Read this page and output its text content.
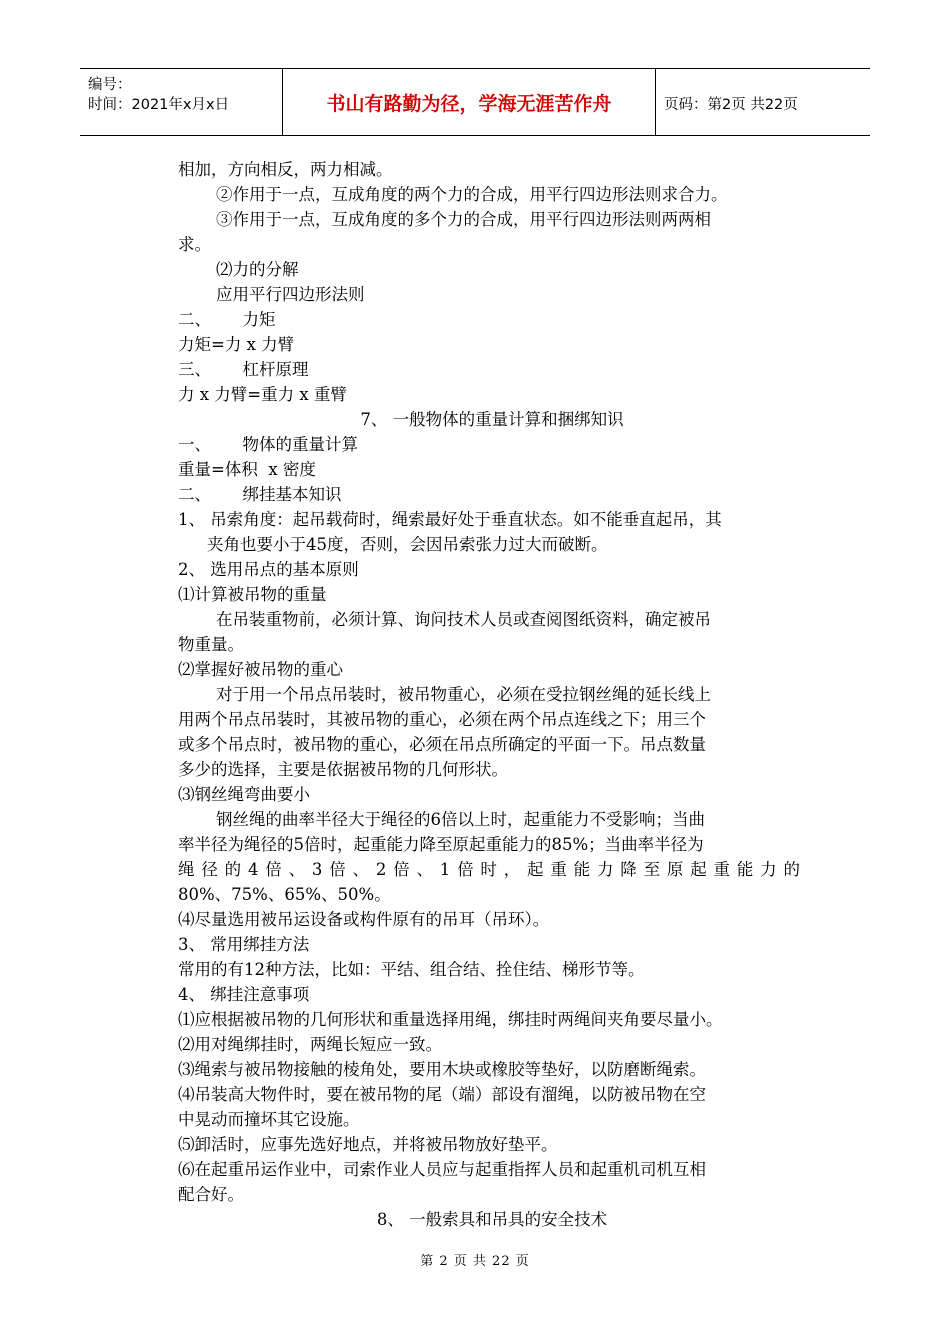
编号：
时间：2021年x月x日	书山有路勤为径，学海无涯苦作舟	页码：第2页 共22页
相加，方向相反，两力相减。
②作用于一点，互成角度的两个力的合成，用平行四边形法则求合力。
③作用于一点，互成角度的多个力的合成，用平行四边形法则两两相
求。
⑵力的分解
应用平行四边形法则
二、      力矩
力矩=力 x 力臂
三、      杠杆原理
力 x 力臂=重力 x 重臂
7、 一般物体的重量计算和捆绑知识
一、      物体的重量计算
重量=体积  x 密度
二、      绑挂基本知识
1、 吊索角度：起吊载荷时，绳索最好处于垂直状态。如不能垂直起吊，其
夹角也要小于45度，否则，会因吊索张力过大而破断。
2、 选用吊点的基本原则
⑴计算被吊物的重量
在吊装重物前，必须计算、询问技术人员或查阅图纸资料，确定被吊
物重量。
⑵掌握好被吊物的重心
对于用一个吊点吊装时，被吊物重心，必须在受拉钢丝绳的延长线上
用两个吊点吊装时，其被吊物的重心，必须在两个吊点连线之下；用三个
或多个吊点时，被吊物的重心，必须在吊点所确定的平面一下。吊点数量
多少的选择，主要是依据被吊物的几何形状。
⑶钢丝绳弯曲要小
钢丝绳的曲率半径大于绳径的6倍以上时，起重能力不受影响；当曲
率半径为绳径的5倍时，起重能力降至原起重能力的85%；当曲率半径为
绳径的4倍、3倍、2倍、1倍时，起重能力降至原起重能力的
80%、75%、65%、50%。
⑷尽量选用被吊运设备或构件原有的吊耳（吊环）。
3、 常用绑挂方法
常用的有12种方法，比如：平结、组合结、拴住结、梯形节等。
4、 绑挂注意事项
⑴应根据被吊物的几何形状和重量选择用绳，绑挂时两绳间夹角要尽量小。
⑵用对绳绑挂时，两绳长短应一致。
⑶绳索与被吊物接触的棱角处，要用木块或橡胶等垫好，以防磨断绳索。
⑷吊装高大物件时，要在被吊物的尾（端）部设有溜绳，以防被吊物在空
中晃动而撞坏其它设施。
⑸卸活时，应事先选好地点，并将被吊物放好垫平。
⑹在起重吊运作业中，司索作业人员应与起重指挥人员和起重机司机互相
配合好。
8、 一般索具和吊具的安全技术
第 2 页 共 22 页
